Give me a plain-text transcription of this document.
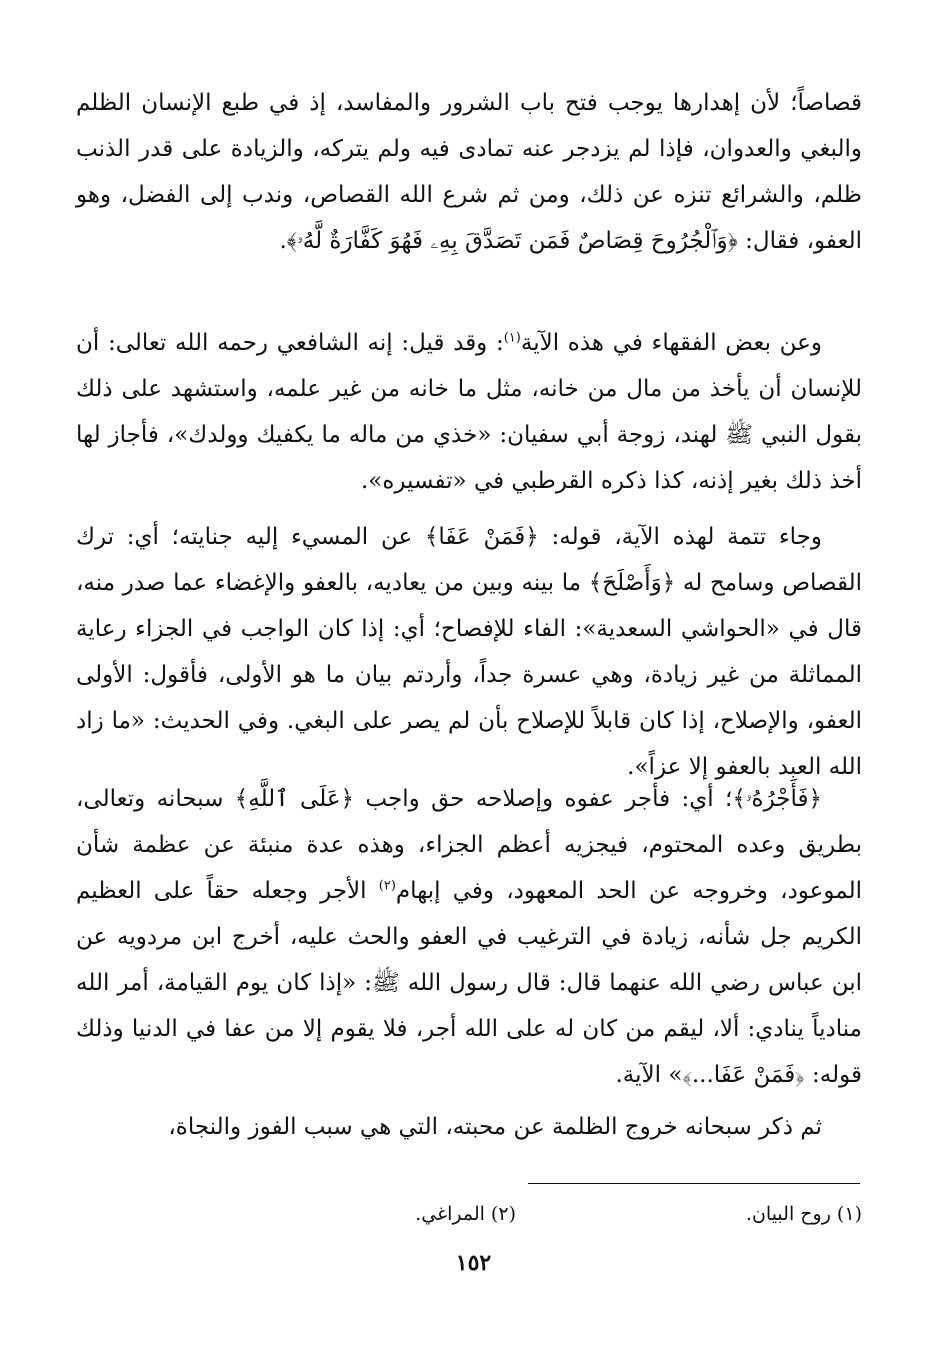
قصاصاً؛ لأن إهدارها يوجب فتح باب الشرور والمفاسد، إذ في طبع الإنسان الظلم والبغي والعدوان، فإذا لم يزدجر عنه تمادى فيه ولم يتركه، والزيادة على قدر الذنب ظلم، والشرائع تنزه عن ذلك، ومن ثم شرع الله القصاص، وندب إلى الفضل، وهو العفو، فقال: ﴿وَٱلْجُرُوحَ قِصَاصٌ فَمَن تَصَدَّقَ بِهِۦ فَهُوَ كَفَّارَةٌ لَّهُۥ﴾.

وعن بعض الفقهاء في هذه الآية$^{(١)}$: وقد قيل: إنه الشافعي رحمه الله تعالى: أن للإنسان أن يأخذ من مال من خانه، مثل ما خانه من غير علمه، واستشهد على ذلك بقول النبي ﷺ لهند، زوجة أبي سفيان: «خذي من ماله ما يكفيك وولدك»، فأجاز لها أخذ ذلك بغير إذنه، كذا ذكره القرطبي في «تفسيره».

وجاء تتمة لهذه الآية، قوله: ﴿فَمَنْ عَفَا﴾ عن المسيء إليه جنايته؛ أي: ترك القصاص وسامح له ﴿وَأَصْلَحَ﴾ ما بينه وبين من يعاديه، بالعفو والإغضاء عما صدر منه، قال في «الحواشي السعدية»: الفاء للإفصاح؛ أي: إذا كان الواجب في الجزاء رعاية المماثلة من غير زيادة، وهي عسرة جداً، وأردتم بيان ما هو الأولى، فأقول: الأولى العفو، والإصلاح، إذا كان قابلاً للإصلاح بأن لم يصر على البغي. وفي الحديث: «ما زاد الله العبد بالعفو إلا عزاً».

﴿فَأَجْرُهُۥ﴾؛ أي: فأجر عفوه وإصلاحه حق واجب ﴿عَلَى ٱللَّهِ﴾ سبحانه وتعالى، بطريق وعده المحتوم، فيجزيه أعظم الجزاء، وهذه عدة منبئة عن عظمة شأن الموعود، وخروجه عن الحد المعهود، وفي إبهام$^{(٢)}$ الأجر وجعله حقاً على العظيم الكريم جل شأنه، زيادة في الترغيب في العفو والحث عليه، أخرج ابن مردويه عن ابن عباس رضي الله عنهما قال: قال رسول الله ﷺ: «إذا كان يوم القيامة، أمر الله منادياً ينادي: ألا، ليقم من كان له على الله أجر، فلا يقوم إلا من عفا في الدنيا وذلك قوله: ﴿فَمَنْ عَفَا...﴾» الآية.

ثم ذكر سبحانه خروج الظلمة عن محبته، التي هي سبب الفوز والنجاة،

(١) روح البيان.
(٢) المراغي.
١٥٢
